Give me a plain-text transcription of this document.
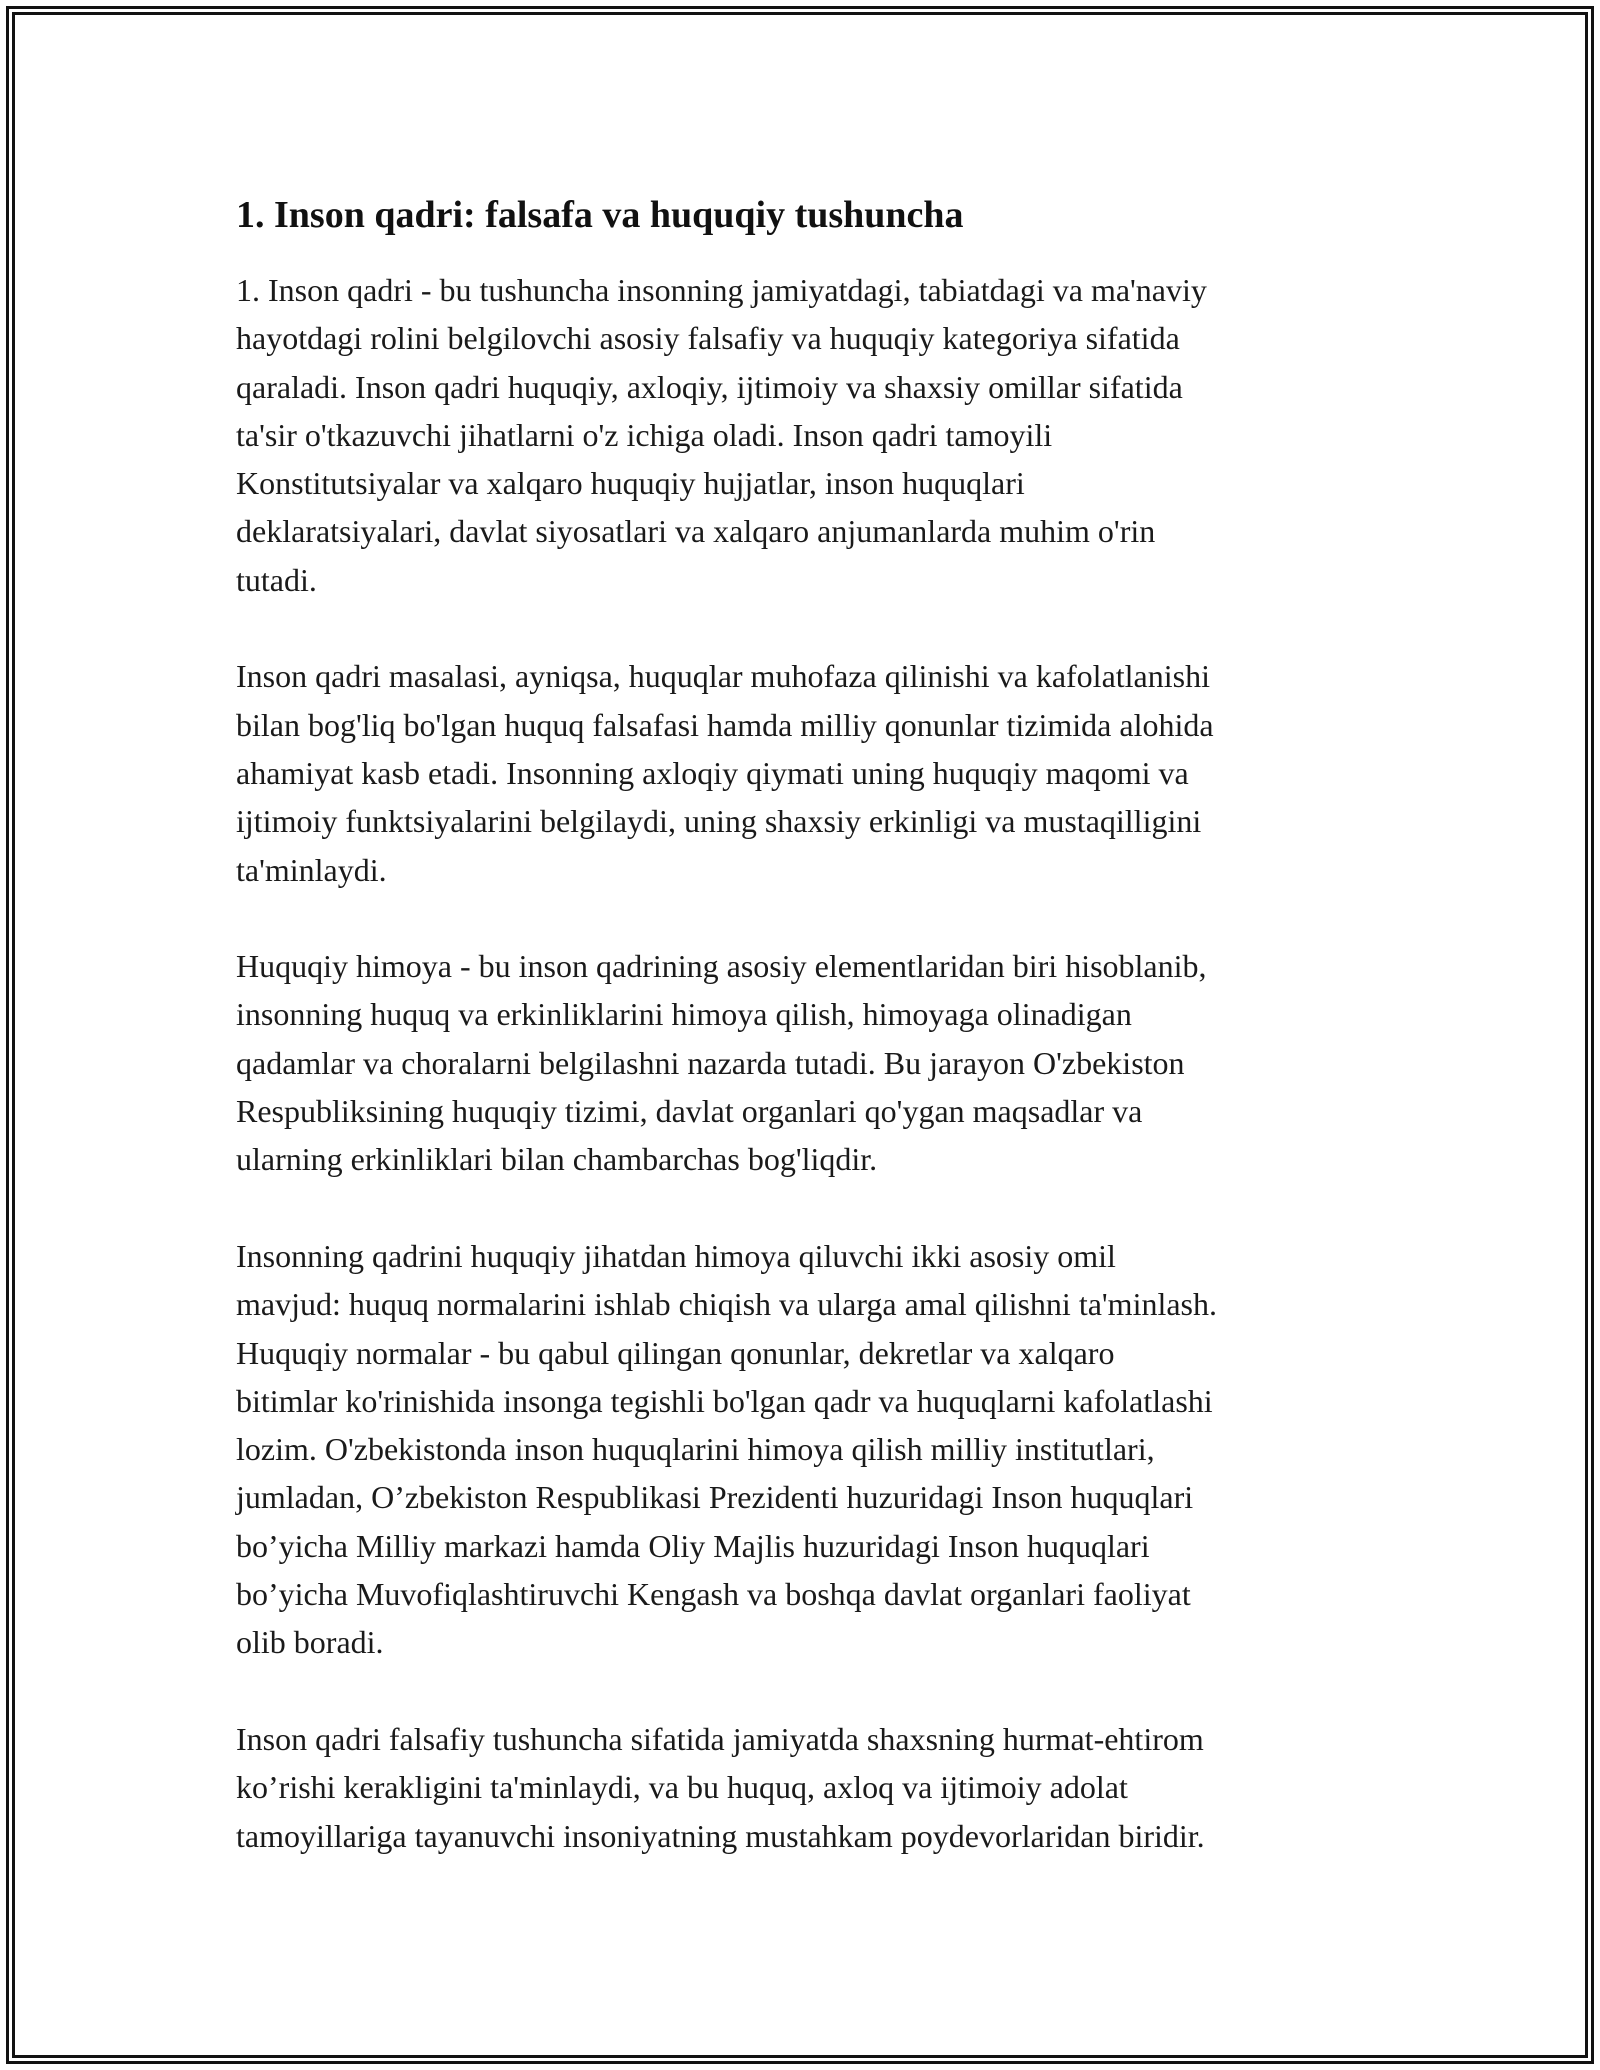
1. Inson qadri: falsafa va huquqiy tushuncha

1. Inson qadri - bu tushuncha insonning jamiyatdagi, tabiatdagi va ma'naviy
hayotdagi rolini belgilovchi asosiy falsafiy va huquqiy kategoriya sifatida
qaraladi. Inson qadri huquqiy, axloqiy, ijtimoiy va shaxsiy omillar sifatida
ta'sir o'tkazuvchi jihatlarni o'z ichiga oladi. Inson qadri tamoyili
Konstitutsiyalar va xalqaro huquqiy hujjatlar, inson huquqlari
deklaratsiyalari, davlat siyosatlari va xalqaro anjumanlarda muhim o'rin
tutadi.

Inson qadri masalasi, ayniqsa, huquqlar muhofaza qilinishi va kafolatlanishi
bilan bog'liq bo'lgan huquq falsafasi hamda milliy qonunlar tizimida alohida
ahamiyat kasb etadi. Insonning axloqiy qiymati uning huquqiy maqomi va
ijtimoiy funktsiyalarini belgilaydi, uning shaxsiy erkinligi va mustaqilligini
ta'minlaydi.

Huquqiy himoya - bu inson qadrining asosiy elementlaridan biri hisoblanib,
insonning huquq va erkinliklarini himoya qilish, himoyaga olinadigan
qadamlar va choralarni belgilashni nazarda tutadi. Bu jarayon O'zbekiston
Respubliksining huquqiy tizimi, davlat organlari qo'ygan maqsadlar va
ularning erkinliklari bilan chambarchas bog'liqdir.

Insonning qadrini huquqiy jihatdan himoya qiluvchi ikki asosiy omil
mavjud: huquq normalarini ishlab chiqish va ularga amal qilishni ta'minlash.
Huquqiy normalar - bu qabul qilingan qonunlar, dekretlar va xalqaro
bitimlar ko'rinishida insonga tegishli bo'lgan qadr va huquqlarni kafolatlashi
lozim. O'zbekistonda inson huquqlarini himoya qilish milliy institutlari,
jumladan, O’zbekiston Respublikasi Prezidenti huzuridagi Inson huquqlari
bo’yicha Milliy markazi hamda Oliy Majlis huzuridagi Inson huquqlari
bo’yicha Muvofiqlashtiruvchi Kengash va boshqa davlat organlari faoliyat
olib boradi.

Inson qadri falsafiy tushuncha sifatida jamiyatda shaxsning hurmat-ehtirom
ko’rishi kerakligini ta'minlaydi, va bu huquq, axloq va ijtimoiy adolat
tamoyillariga tayanuvchi insoniyatning mustahkam poydevorlaridan biridir.
